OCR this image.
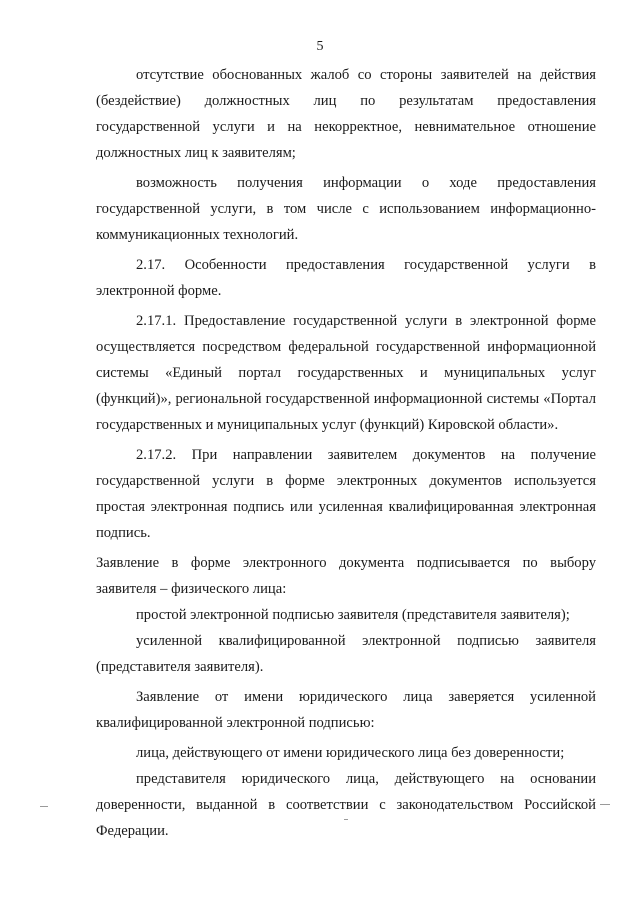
5

отсутствие обоснованных жалоб со стороны заявителей на действия (бездействие) должностных лиц по результатам предоставления государственной услуги и на некорректное, невнимательное отношение должностных лиц к заявителям;

возможность получения информации о ходе предоставления государственной услуги, в том числе с использованием информационно-коммуникационных технологий.

2.17. Особенности предоставления государственной услуги в электронной форме.

2.17.1. Предоставление государственной услуги в электронной форме осуществляется посредством федеральной государственной информационной системы «Единый портал государственных и муниципальных услуг (функций)», региональной государственной информационной системы «Портал государственных и муниципальных услуг (функций) Кировской области».

2.17.2. При направлении заявителем документов на получение государственной услуги в форме электронных документов используется простая электронная подпись или усиленная квалифицированная электронная подпись.

Заявление в форме электронного документа подписывается по выбору заявителя – физического лица:

простой электронной подписью заявителя (представителя заявителя);

усиленной квалифицированной электронной подписью заявителя (представителя заявителя).

Заявление от имени юридического лица заверяется усиленной квалифицированной электронной подписью:

лица, действующего от имени юридического лица без доверенности;

представителя юридического лица, действующего на основании доверенности, выданной в соответствии с законодательством Российской Федерации.
